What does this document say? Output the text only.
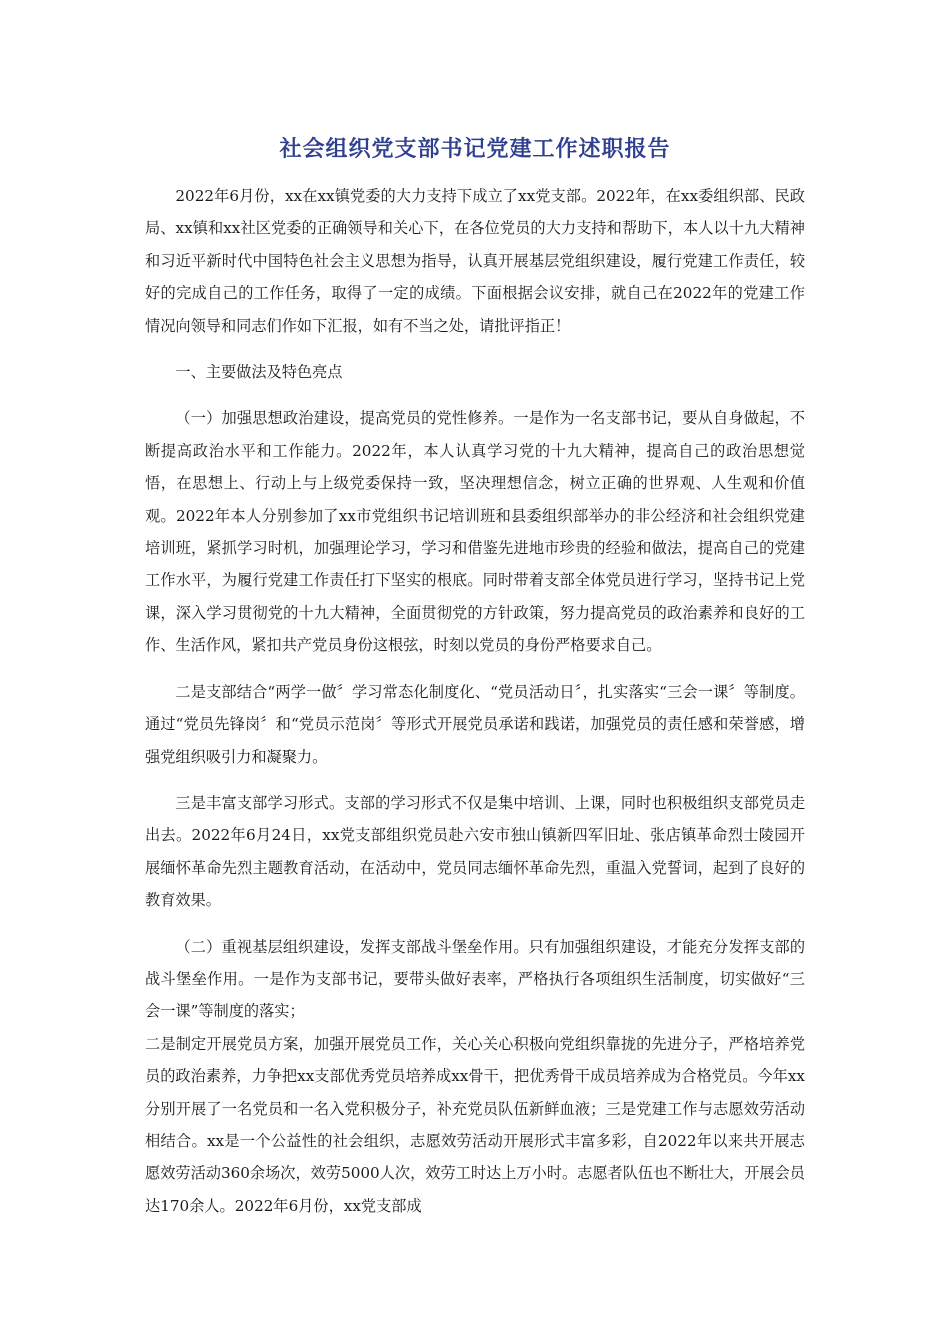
社会组织党支部书记党建工作述职报告

2022年6月份，xx在xx镇党委的大力支持下成立了xx党支部。2022年，在xx委组织部、民政局、xx镇和xx社区党委的正确领导和关心下，在各位党员的大力支持和帮助下，本人以十九大精神和习近平新时代中国特色社会主义思想为指导，认真开展基层党组织建设，履行党建工作责任，较好的完成自己的工作任务，取得了一定的成绩。下面根据会议安排，就自己在2022年的党建工作情况向领导和同志们作如下汇报，如有不当之处，请批评指正！

一、主要做法及特色亮点

（一）加强思想政治建设，提高党员的党性修养。一是作为一名支部书记，要从自身做起，不断提高政治水平和工作能力。2022年，本人认真学习党的十九大精神，提高自己的政治思想觉悟，在思想上、行动上与上级党委保持一致，坚决理想信念，树立正确的世界观、人生观和价值观。2022年本人分别参加了xx市党组织书记培训班和县委组织部举办的非公经济和社会组织党建培训班，紧抓学习时机，加强理论学习，学习和借鉴先进地市珍贵的经验和做法，提高自己的党建工作水平，为履行党建工作责任打下坚实的根底。同时带着支部全体党员进行学习，坚持书记上党课，深入学习贯彻党的十九大精神，全面贯彻党的方针政策，努力提高党员的政治素养和良好的工作、生活作风，紧扣共产党员身份这根弦，时刻以党员的身份严格要求自己。

二是支部结合“两学一做〞学习常态化制度化、“党员活动日〞，扎实落实“三会一课〞等制度。通过“党员先锋岗〞和“党员示范岗〞等形式开展党员承诺和践诺，加强党员的责任感和荣誉感，增强党组织吸引力和凝聚力。

三是丰富支部学习形式。支部的学习形式不仅是集中培训、上课，同时也积极组织支部党员走出去。2022年6月24日，xx党支部组织党员赴六安市独山镇新四军旧址、张店镇革命烈士陵园开展缅怀革命先烈主题教育活动，在活动中，党员同志缅怀革命先烈，重温入党誓词，起到了良好的教育效果。

（二）重视基层组织建设，发挥支部战斗堡垒作用。只有加强组织建设，才能充分发挥支部的战斗堡垒作用。一是作为支部书记，要带头做好表率，严格执行各项组织生活制度，切实做好“三会一课”等制度的落实；

二是制定开展党员方案，加强开展党员工作，关心关心积极向党组织靠拢的先进分子，严格培养党员的政治素养，力争把xx支部优秀党员培养成xx骨干，把优秀骨干成员培养成为合格党员。今年xx分别开展了一名党员和一名入党积极分子，补充党员队伍新鲜血液；三是党建工作与志愿效劳活动相结合。xx是一个公益性的社会组织，志愿效劳活动开展形式丰富多彩，自2022年以来共开展志愿效劳活动360余场次，效劳5000人次，效劳工时达上万小时。志愿者队伍也不断壮大，开展会员达170余人。2022年6月份，xx党支部成
